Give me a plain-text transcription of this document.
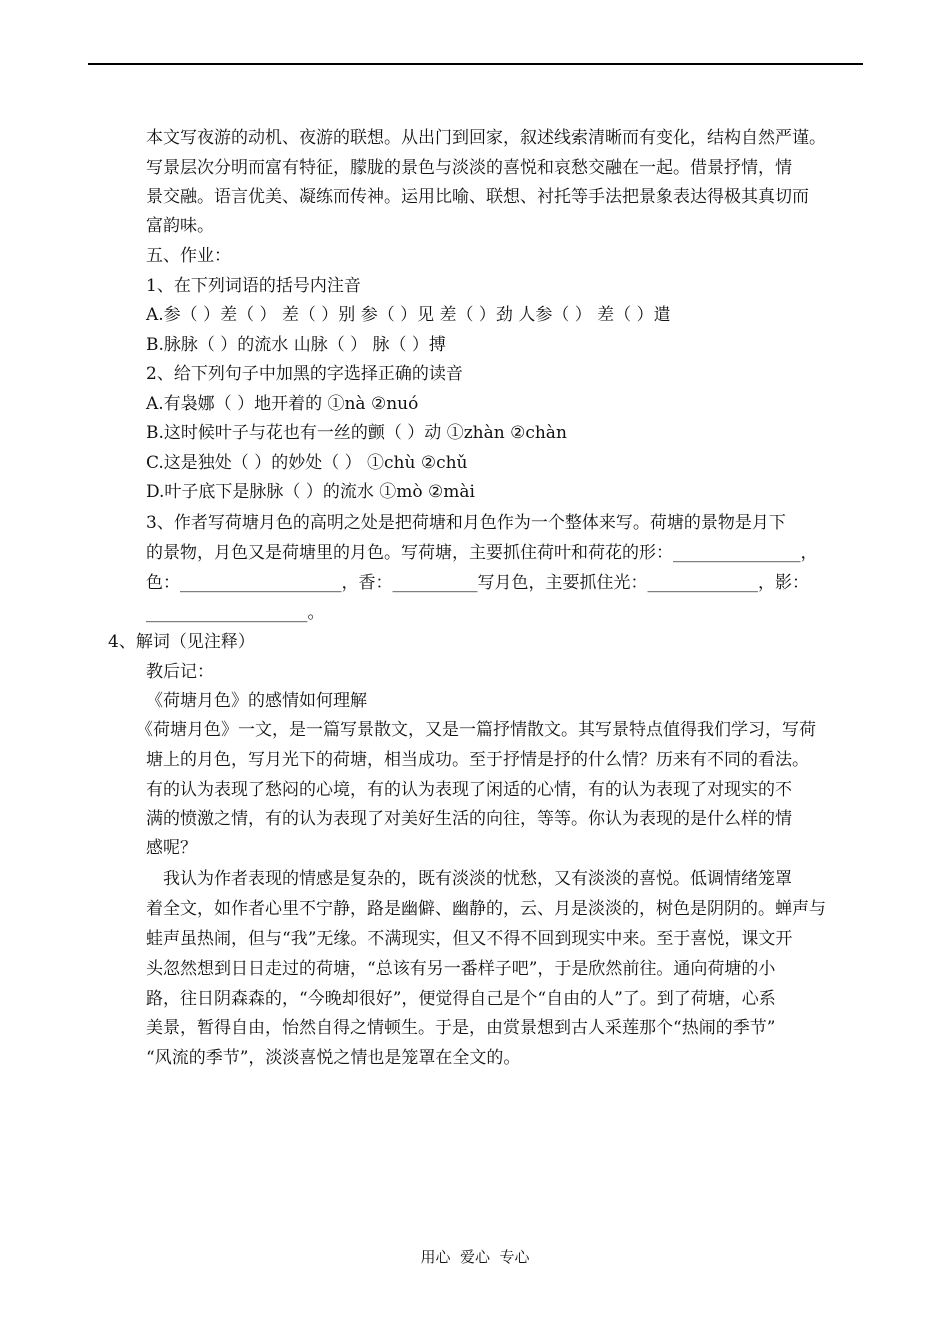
本文写夜游的动机、夜游的联想。从出门到回家，叙述线索清晰而有变化，结构自然严谨。
写景层次分明而富有特征，朦胧的景色与淡淡的喜悦和哀愁交融在一起。借景抒情，情
景交融。语言优美、凝练而传神。运用比喻、联想、衬托等手法把景象表达得极其真切而
富韵味。
五、作业：
1、在下列词语的括号内注音
A.参（ ）差（ ） 差（ ）别 参（ ）见 差（ ）劲 人参（ ） 差（ ）遣
B.脉脉（ ）的流水 山脉（ ） 脉（ ）搏
2、给下列句子中加黑的字选择正确的读音
A.有袅娜（ ）地开着的 ①nà ②nuó
B.这时候叶子与花也有一丝的颤（ ）动 ①zhàn ②chàn
C.这是独处（ ）的妙处（ ） ①chù ②chǔ
D.叶子底下是脉脉（ ）的流水 ①mò ②mài
3、作者写荷塘月色的高明之处是把荷塘和月色作为一个整体来写。荷塘的景物是月下
的景物，月色又是荷塘里的月色。写荷塘，主要抓住荷叶和荷花的形：_______________，
色：___________________，香：__________写月色，主要抓住光：_____________，影：
___________________。
4、解词（见注释）
教后记：
《荷塘月色》的感情如何理解
《荷塘月色》一文，是一篇写景散文，又是一篇抒情散文。其写景特点值得我们学习，写荷
塘上的月色，写月光下的荷塘，相当成功。至于抒情是抒的什么情？历来有不同的看法。
有的认为表现了愁闷的心境，有的认为表现了闲适的心情，有的认为表现了对现实的不
满的愤激之情，有的认为表现了对美好生活的向往，等等。你认为表现的是什么样的情
感呢？
我认为作者表现的情感是复杂的，既有淡淡的忧愁，又有淡淡的喜悦。低调情绪笼罩
着全文，如作者心里不宁静，路是幽僻、幽静的，云、月是淡淡的，树色是阴阴的。蝉声与
蛙声虽热闹，但与“我”无缘。不满现实，但又不得不回到现实中来。至于喜悦，课文开
头忽然想到日日走过的荷塘，“总该有另一番样子吧”，于是欣然前往。通向荷塘的小
路，往日阴森森的，“今晚却很好”，便觉得自己是个“自由的人”了。到了荷塘，心系
美景，暂得自由，怡然自得之情顿生。于是，由赏景想到古人采莲那个“热闹的季节”
“风流的季节”，淡淡喜悦之情也是笼罩在全文的。
用心  爱心  专心
